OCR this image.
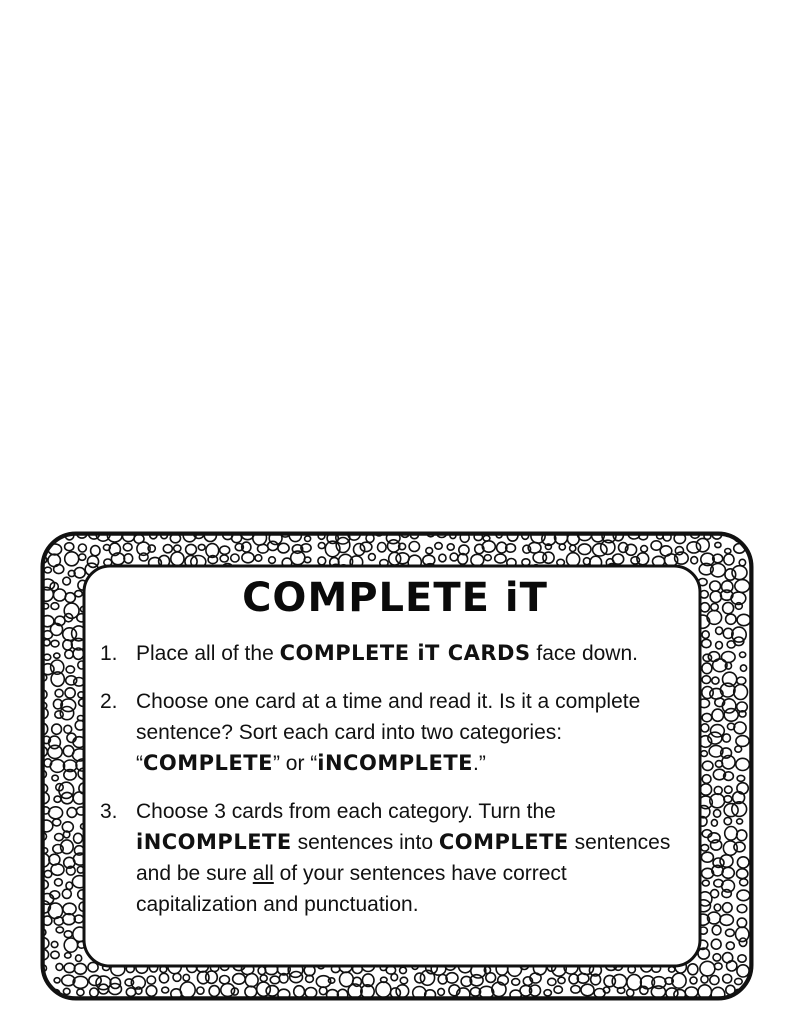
COMPLETE iT
1. Place all of the COMPLETE iT CARDS face down.
2. Choose one card at a time and read it. Is it a complete sentence? Sort each card into two categories: “COMPLETE” or “iNCOMPLETE.”
3. Choose 3 cards from each category. Turn the iNCOMPLETE sentences into COMPLETE sentences and be sure all of your sentences have correct capitalization and punctuation.
